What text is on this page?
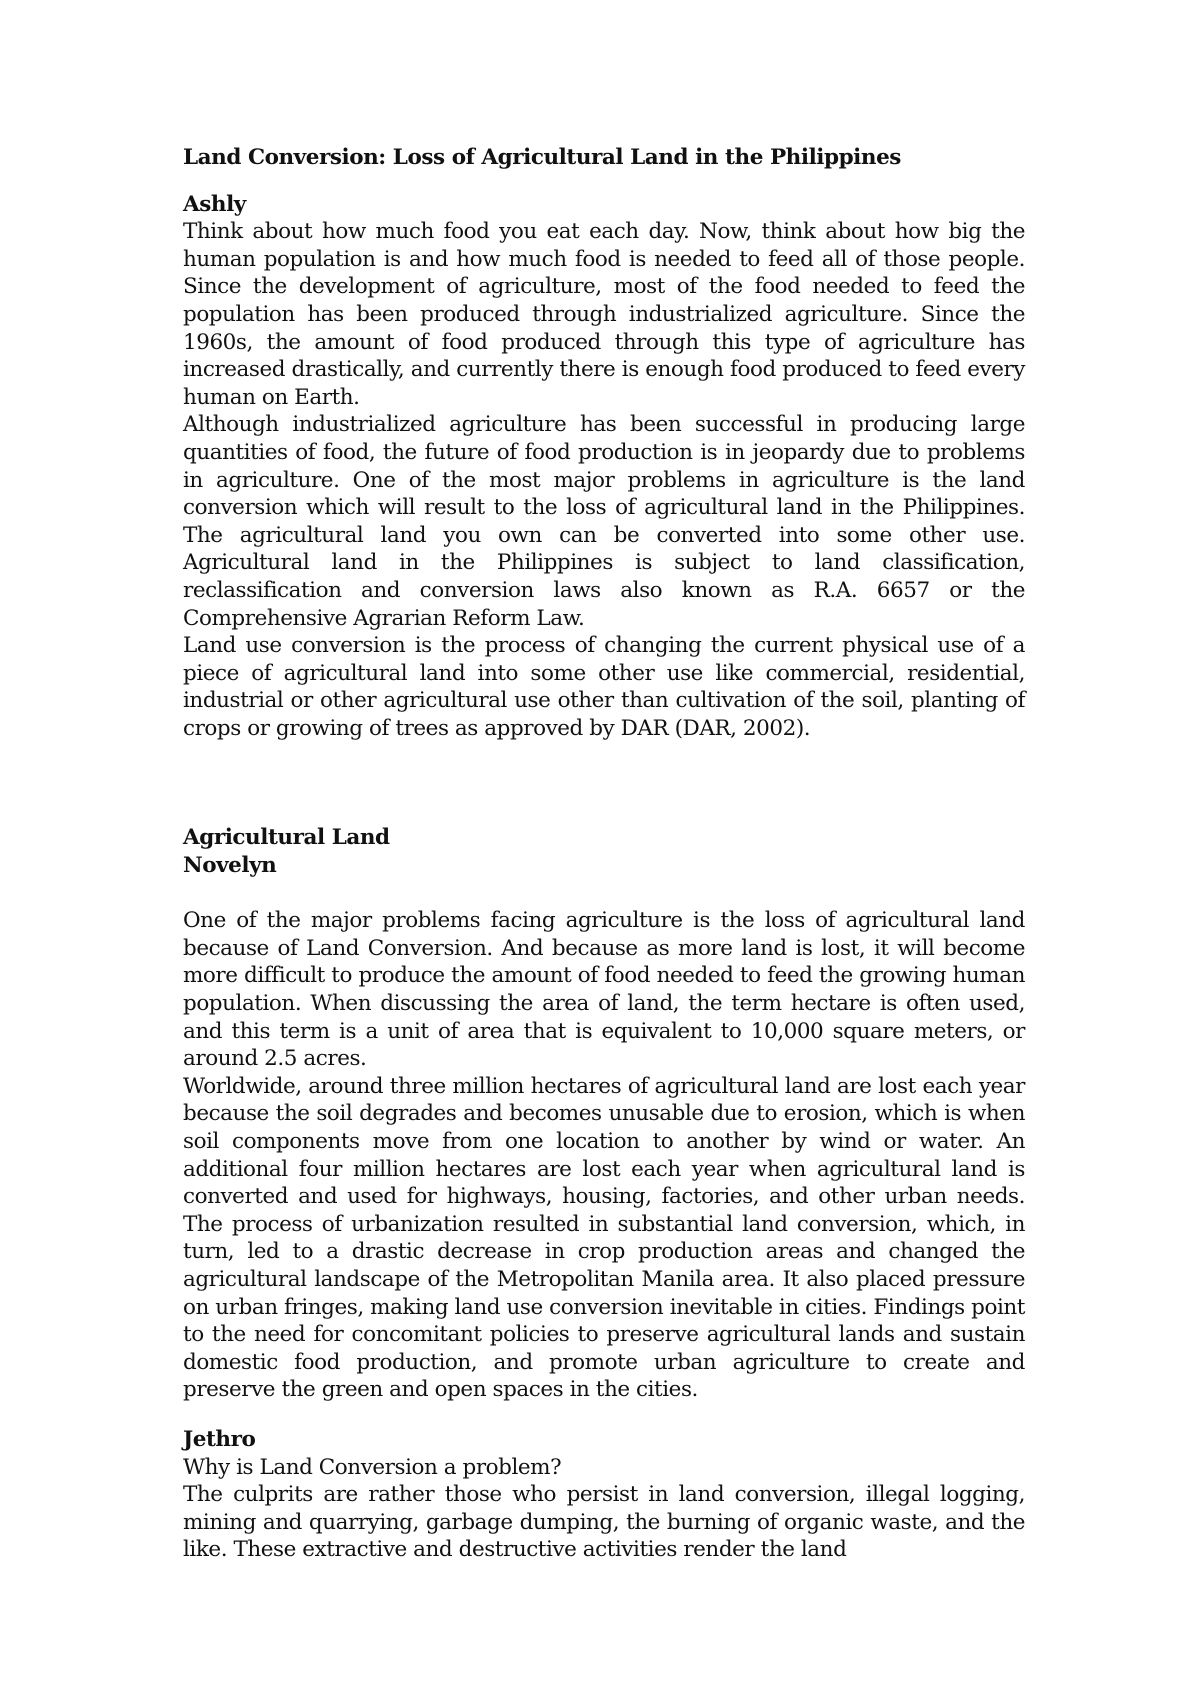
Land Conversion: Loss of Agricultural Land in the Philippines
Ashly

Think about how much food you eat each day. Now, think about how big the human population is and how much food is needed to feed all of those people. Since the development of agriculture, most of the food needed to feed the population has been produced through industrialized agriculture. Since the 1960s, the amount of food produced through this type of agriculture has increased drastically, and currently there is enough food produced to feed every human on Earth.

Although industrialized agriculture has been successful in producing large quantities of food, the future of food production is in jeopardy due to problems in agriculture. One of the most major problems in agriculture is the land conversion which will result to the loss of agricultural land in the Philippines. The agricultural land you own can be converted into some other use. Agricultural land in the Philippines is subject to land classification, reclassification and conversion laws also known as R.A. 6657 or the Comprehensive Agrarian Reform Law.

Land use conversion is the process of changing the current physical use of a piece of agricultural land into some other use like commercial, residential, industrial or other agricultural use other than cultivation of the soil, planting of crops or growing of trees as approved by DAR (DAR, 2002).

Agricultural Land
Novelyn

One of the major problems facing agriculture is the loss of agricultural land because of Land Conversion. And because as more land is lost, it will become more difficult to produce the amount of food needed to feed the growing human population. When discussing the area of land, the term hectare is often used, and this term is a unit of area that is equivalent to 10,000 square meters, or around 2.5 acres.

Worldwide, around three million hectares of agricultural land are lost each year because the soil degrades and becomes unusable due to erosion, which is when soil components move from one location to another by wind or water. An additional four million hectares are lost each year when agricultural land is converted and used for highways, housing, factories, and other urban needs. The process of urbanization resulted in substantial land conversion, which, in turn, led to a drastic decrease in crop production areas and changed the agricultural landscape of the Metropolitan Manila area. It also placed pressure on urban fringes, making land use conversion inevitable in cities. Findings point to the need for concomitant policies to preserve agricultural lands and sustain domestic food production, and promote urban agriculture to create and preserve the green and open spaces in the cities.

Jethro

Why is Land Conversion a problem?

The culprits are rather those who persist in land conversion, illegal logging, mining and quarrying, garbage dumping, the burning of organic waste, and the like. These extractive and destructive activities render the land
